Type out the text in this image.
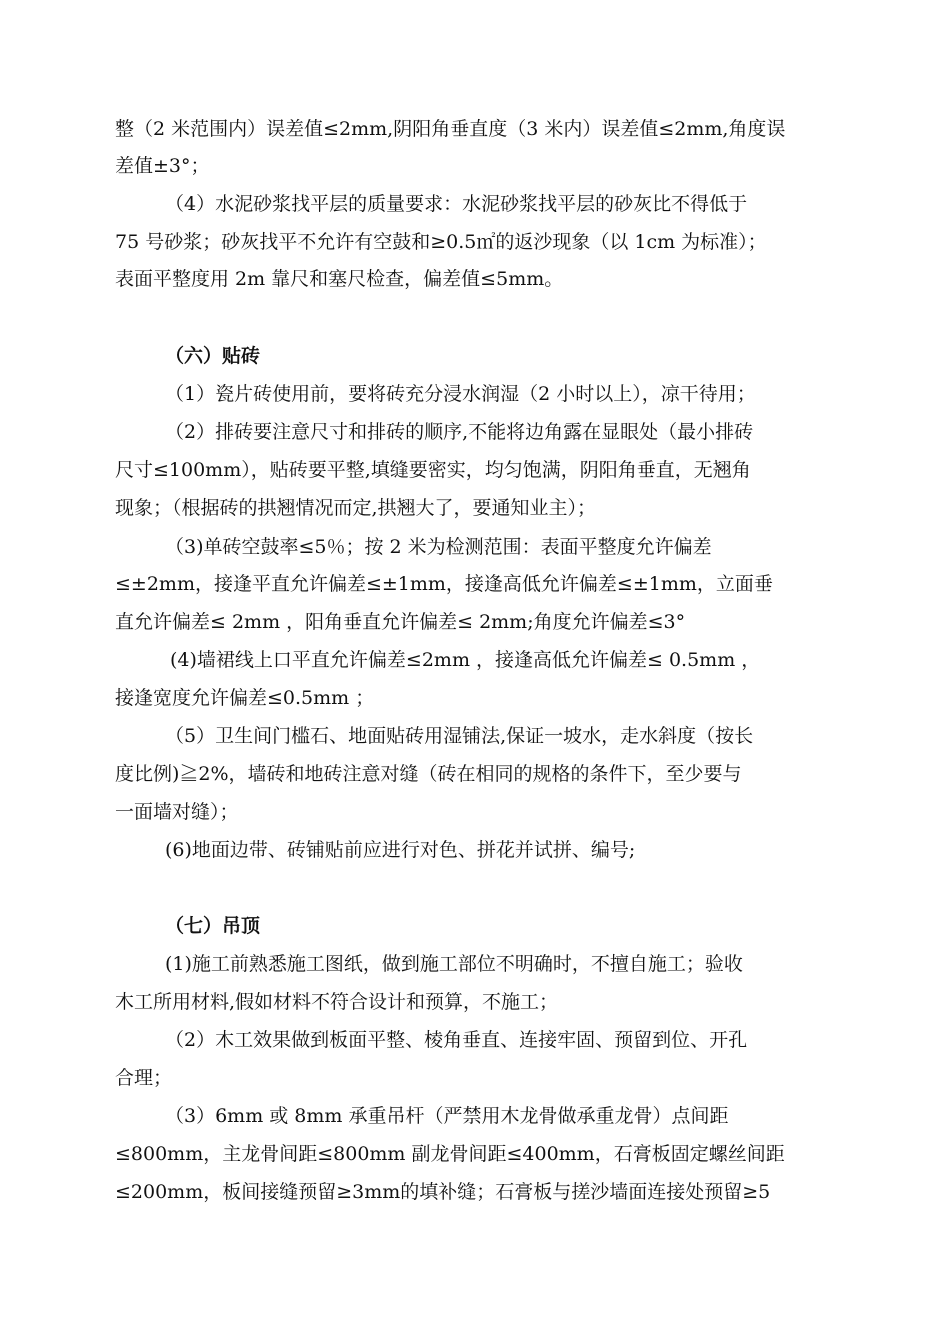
整（2 米范围内）误差值≤2mm,阴阳角垂直度（3 米内）误差值≤2mm,角度误
差值±3°；
（4）水泥砂浆找平层的质量要求：水泥砂浆找平层的砂灰比不得低于
75 号砂浆；砂灰找平不允许有空鼓和≥0.5㎡的返沙现象（以 1cm 为标准）；
表面平整度用 2m 靠尺和塞尺检查，偏差值≤5mm。
（六）贴砖
（1）瓷片砖使用前，要将砖充分浸水润湿（2 小时以上），凉干待用；
（2）排砖要注意尺寸和排砖的顺序,不能将边角露在显眼处（最小排砖
尺寸≤100mm），贴砖要平整,填缝要密实，均匀饱满，阴阳角垂直，无翘角
现象；（根据砖的拱翘情况而定,拱翘大了，要通知业主）；
（3)单砖空鼓率≤5％；按 2 米为检测范围：表面平整度允许偏差
≤±2mm，接逢平直允许偏差≤±1mm，接逢高低允许偏差≤±1mm，立面垂
直允许偏差≤ 2mm ，阳角垂直允许偏差≤ 2mm;角度允许偏差≤3°
(4)墙裙线上口平直允许偏差≤2mm ，接逢高低允许偏差≤ 0.5mm ，
接逢宽度允许偏差≤0.5mm ；
（5）卫生间门槛石、地面贴砖用湿铺法,保证一坡水，走水斜度（按长
度比例)≧2%，墙砖和地砖注意对缝（砖在相同的规格的条件下，至少要与
一面墙对缝）；
(6)地面边带、砖铺贴前应进行对色、拼花并试拼、编号;
（七）吊顶
(1)施工前熟悉施工图纸，做到施工部位不明确时，不擅自施工；验收
木工所用材料,假如材料不符合设计和预算，不施工；
（2）木工效果做到板面平整、棱角垂直、连接牢固、预留到位、开孔
合理；
（3）6mm 或 8mm 承重吊杆（严禁用木龙骨做承重龙骨）点间距
≤800mm，主龙骨间距≤800mm 副龙骨间距≤400mm，石膏板固定螺丝间距
≤200mm，板间接缝预留≥3mm的填补缝；石膏板与搓沙墙面连接处预留≥5
